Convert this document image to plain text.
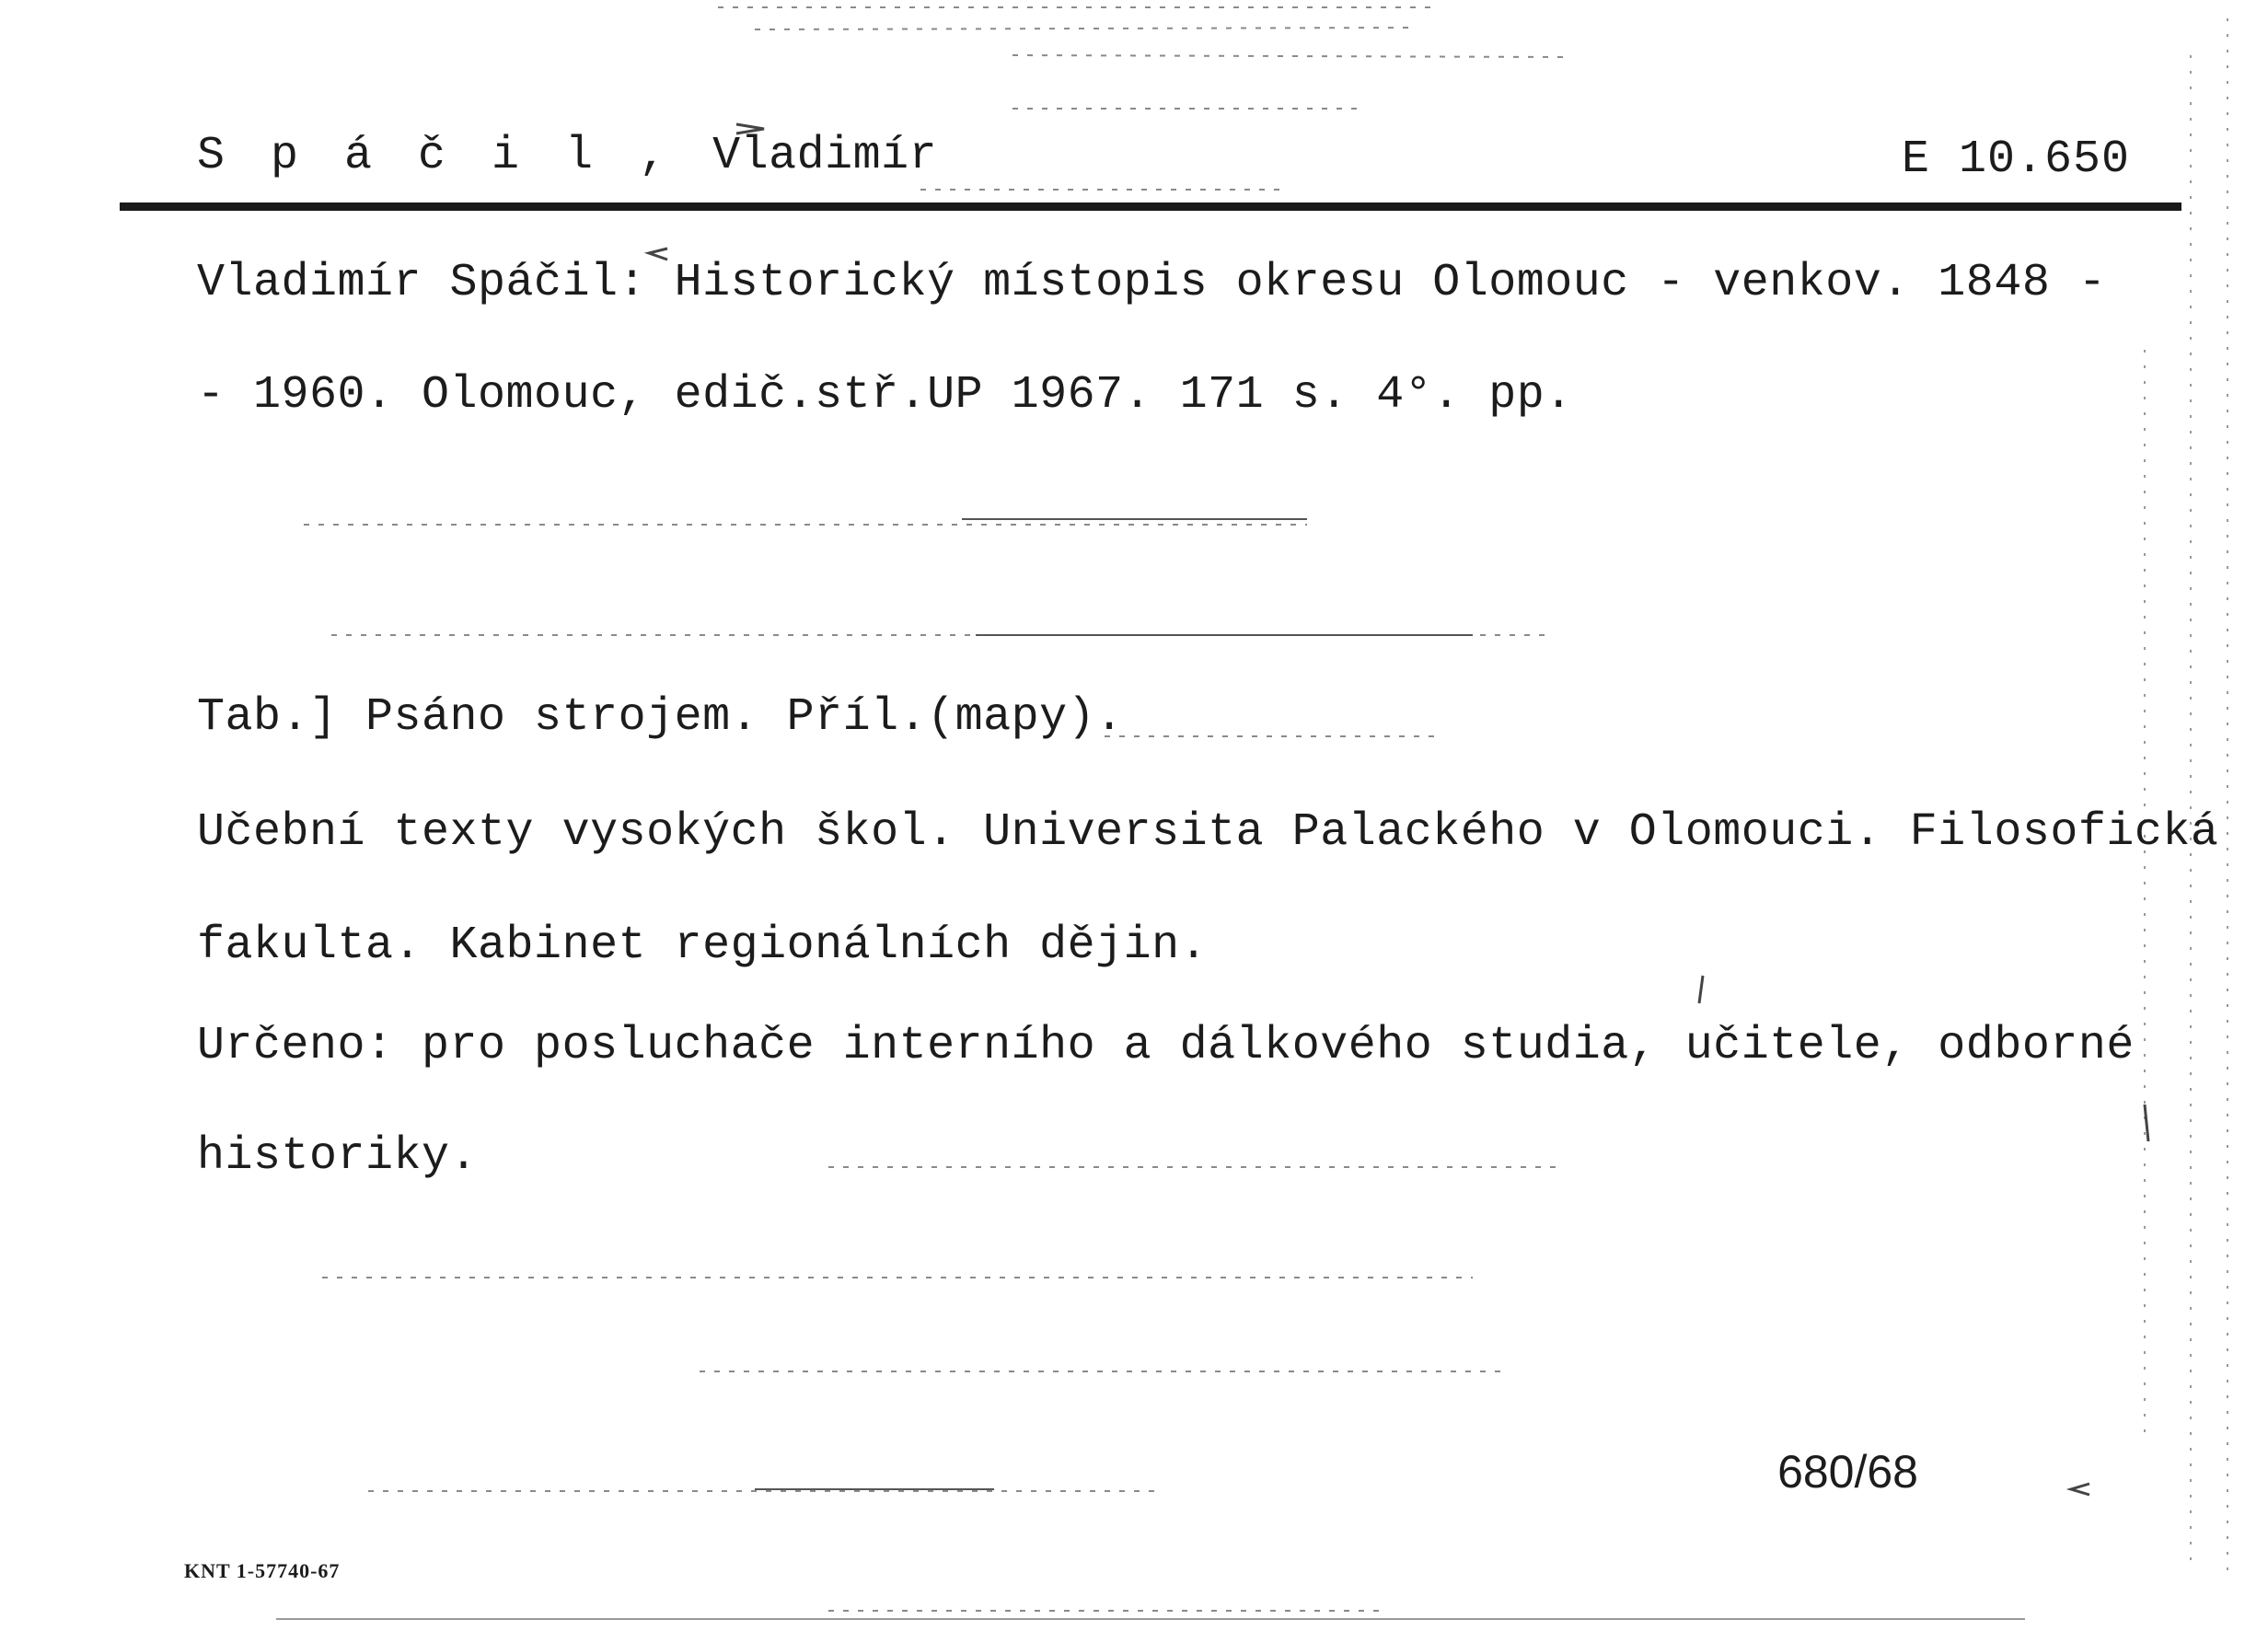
S p á č i l , Vladimír	E 10.650
Vladimír Spáčil: Historický místopis okresu Olomouc - venkov. 1848 -
- 1960. Olomouc, edič.stř.UP 1967. 171 s. 4°. pp.
Tab.] Psáno strojem. Příl.(mapy).
Učební texty vysokých škol. Universita Palackého v Olomouci. Filosofická
fakulta. Kabinet regionálních dějin.
Určeno: pro posluchače interního a dálkového studia, učitele, odborné
historiky.
680/68
KNT 1-57740-67
